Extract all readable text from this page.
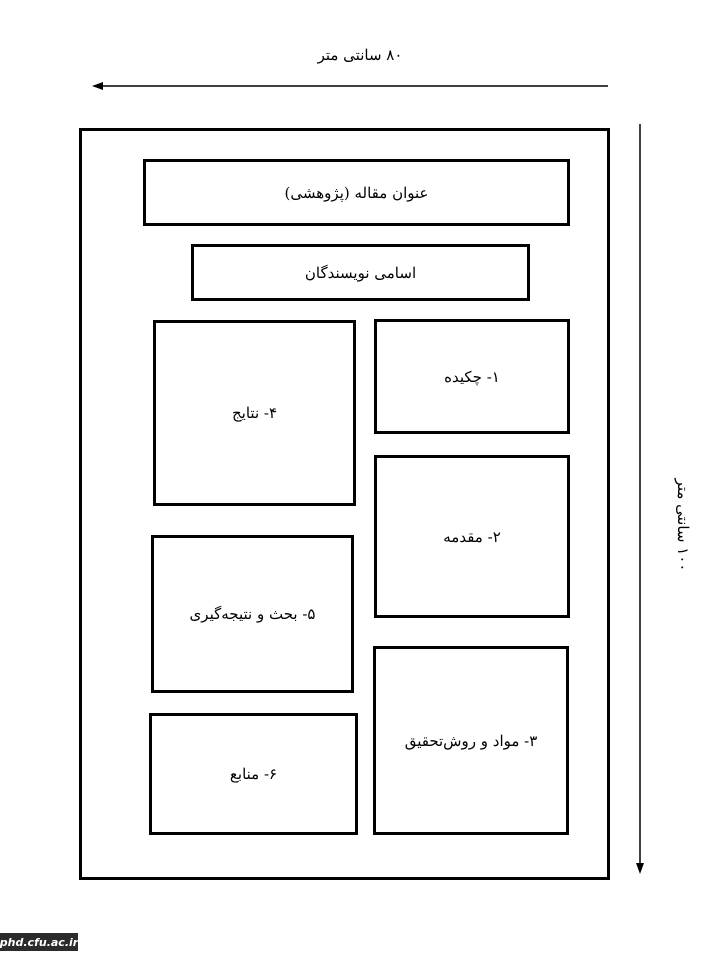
۸۰ سانتی متر
۱۰۰ سانتی متر
عنوان مقاله (پژوهشی)
اسامی نویسندگان
۱- چکیده
۲- مقدمه
۳- مواد و روش‌تحقیق
۴- نتایج
۵- بحث و نتیجه‌گیری
۶- منابع
phd.cfu.ac.ir
